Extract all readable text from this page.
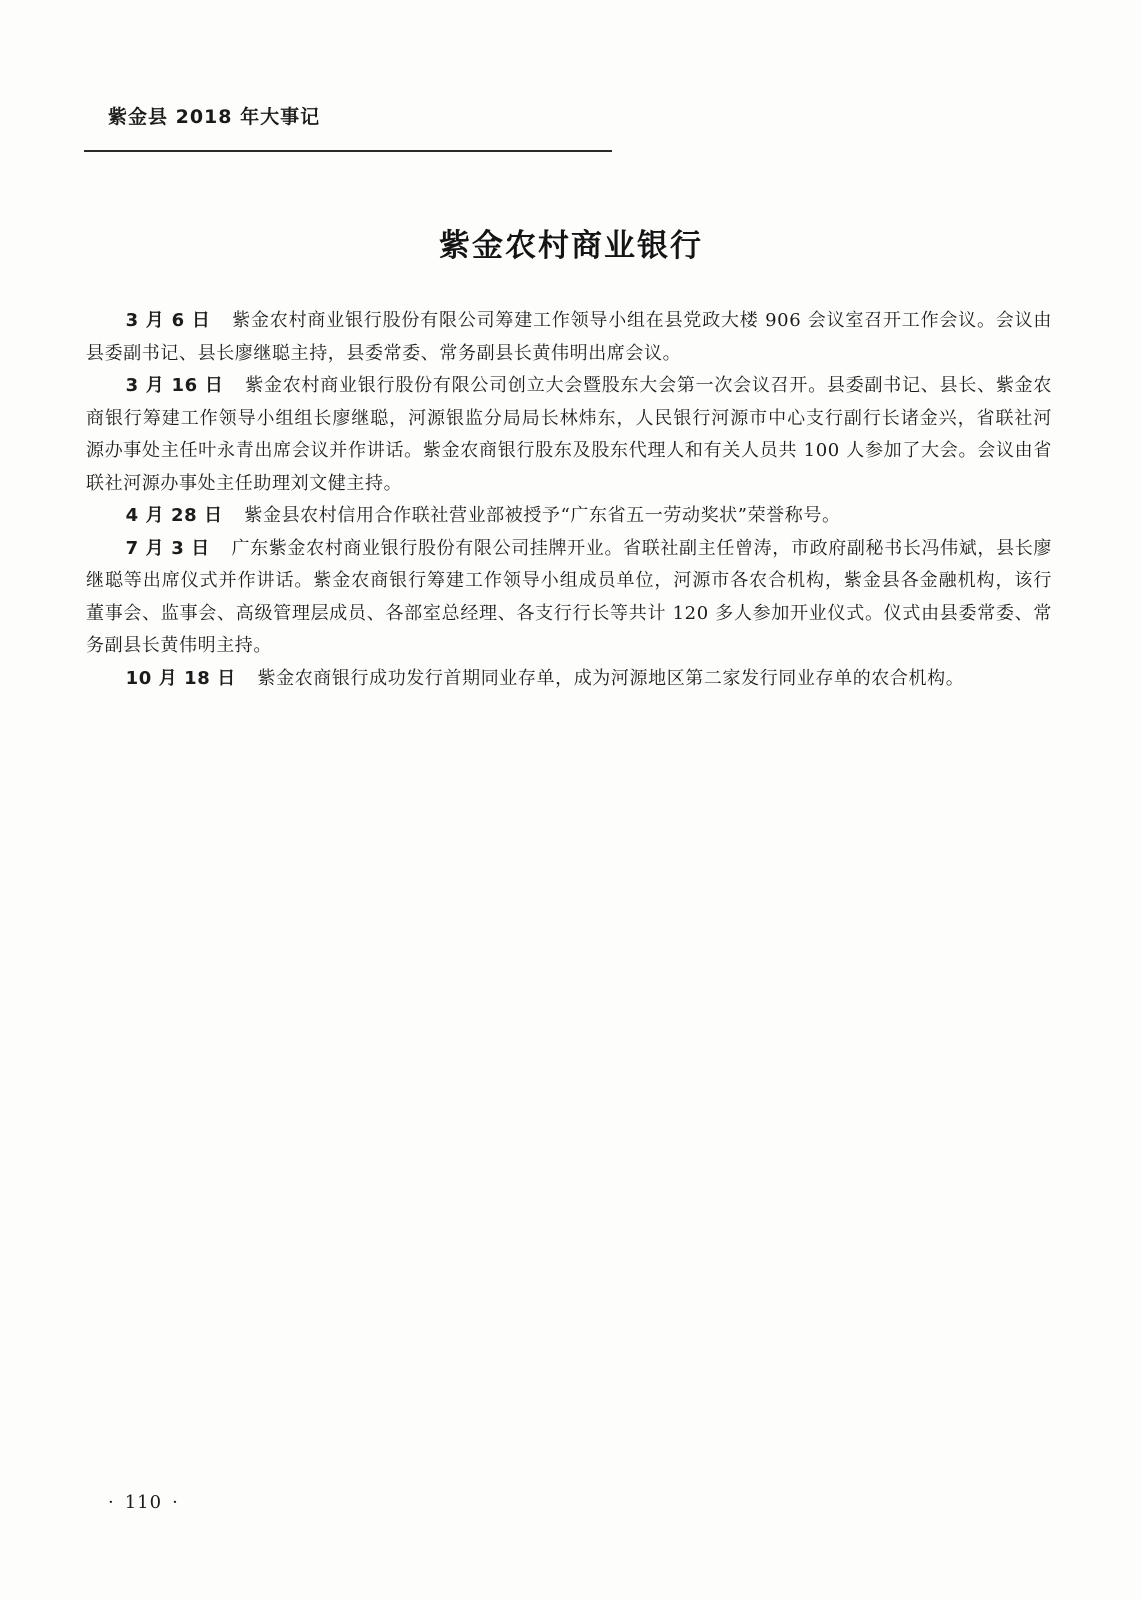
紫金县 2018 年大事记
紫金农村商业银行

3 月 6 日 紫金农村商业银行股份有限公司筹建工作领导小组在县党政大楼 906 会议室召开工作会议。会议由县委副书记、县长廖继聪主持，县委常委、常务副县长黄伟明出席会议。

3 月 16 日 紫金农村商业银行股份有限公司创立大会暨股东大会第一次会议召开。县委副书记、县长、紫金农商银行筹建工作领导小组组长廖继聪，河源银监分局局长林炜东，人民银行河源市中心支行副行长诸金兴，省联社河源办事处主任叶永青出席会议并作讲话。紫金农商银行股东及股东代理人和有关人员共 100 人参加了大会。会议由省联社河源办事处主任助理刘文健主持。

4 月 28 日 紫金县农村信用合作联社营业部被授予“广东省五一劳动奖状”荣誉称号。

7 月 3 日 广东紫金农村商业银行股份有限公司挂牌开业。省联社副主任曾涛，市政府副秘书长冯伟斌，县长廖继聪等出席仪式并作讲话。紫金农商银行筹建工作领导小组成员单位，河源市各农合机构，紫金县各金融机构，该行董事会、监事会、高级管理层成员、各部室总经理、各支行行长等共计 120 多人参加开业仪式。仪式由县委常委、常务副县长黄伟明主持。

10 月 18 日 紫金农商银行成功发行首期同业存单，成为河源地区第二家发行同业存单的农合机构。

· 110 ·
